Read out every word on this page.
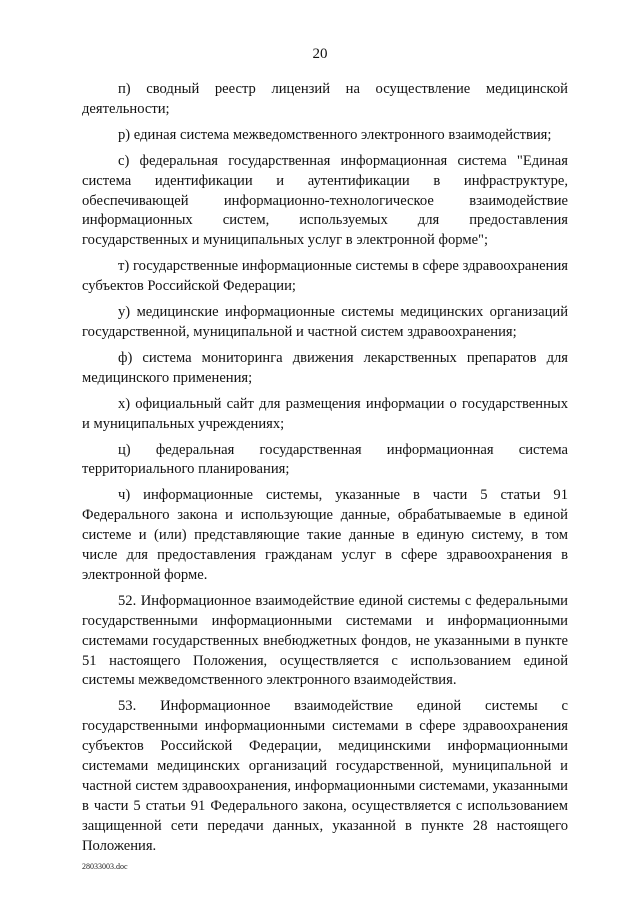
20

п) сводный реестр лицензий на осуществление медицинской деятельности;

р) единая система межведомственного электронного взаимодействия;

с) федеральная государственная информационная система "Единая система идентификации и аутентификации в инфраструктуре, обеспечивающей информационно-технологическое взаимодействие информационных систем, используемых для предоставления государственных и муниципальных услуг в электронной форме";

т) государственные информационные системы в сфере здравоохранения субъектов Российской Федерации;

у) медицинские информационные системы медицинских организаций государственной, муниципальной и частной систем здравоохранения;

ф) система мониторинга движения лекарственных препаратов для медицинского применения;

х) официальный сайт для размещения информации о государственных и муниципальных учреждениях;

ц) федеральная государственная информационная система территориального планирования;

ч) информационные системы, указанные в части 5 статьи 91 Федерального закона и использующие данные, обрабатываемые в единой системе и (или) представляющие такие данные в единую систему, в том числе для предоставления гражданам услуг в сфере здравоохранения в электронной форме.

52. Информационное взаимодействие единой системы с федеральными государственными информационными системами и информационными системами государственных внебюджетных фондов, не указанными в пункте 51 настоящего Положения, осуществляется с использованием единой системы межведомственного электронного взаимодействия.

53. Информационное взаимодействие единой системы с государственными информационными системами в сфере здравоохранения субъектов Российской Федерации, медицинскими информационными системами медицинских организаций государственной, муниципальной и частной систем здравоохранения, информационными системами, указанными в части 5 статьи 91 Федерального закона, осуществляется с использованием защищенной сети передачи данных, указанной в пункте 28 настоящего Положения.

28033003.doc
